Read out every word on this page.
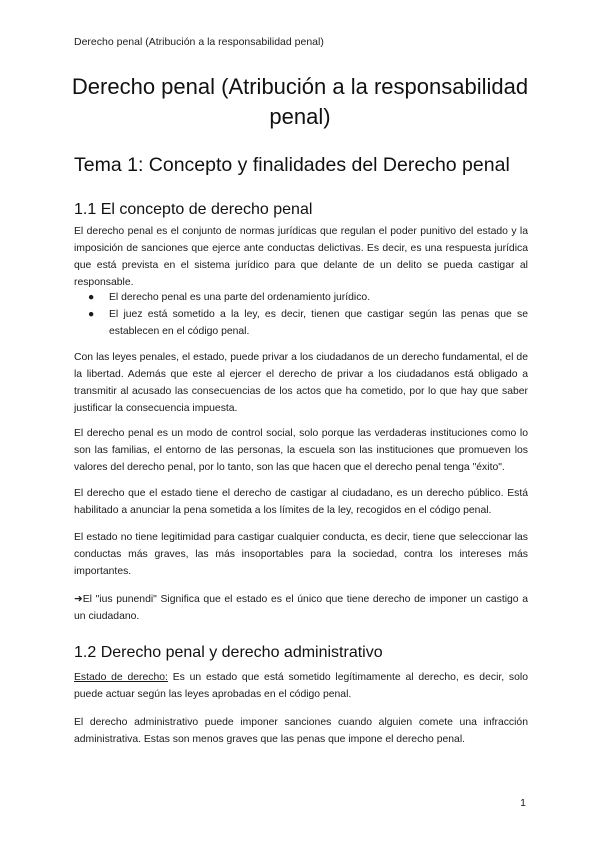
Derecho penal (Atribución a la responsabilidad penal)
Derecho penal (Atribución a la responsabilidad penal)
Tema 1: Concepto y finalidades del Derecho penal
1.1 El concepto de derecho penal

El derecho penal es el conjunto de normas jurídicas que regulan el poder punitivo del estado y la imposición de sanciones que ejerce ante conductas delictivas. Es decir, es una respuesta jurídica que está prevista en el sistema jurídico para que delante de un delito se pueda castigar al responsable.

● El derecho penal es una parte del ordenamiento jurídico.
● El juez está sometido a la ley, es decir, tienen que castigar según las penas que se establecen en el código penal.

Con las leyes penales, el estado, puede privar a los ciudadanos de un derecho fundamental, el de la libertad. Además que este al ejercer el derecho de privar a los ciudadanos está obligado a transmitir al acusado las consecuencias de los actos que ha cometido, por lo que hay que saber justificar la consecuencia impuesta.

El derecho penal es un modo de control social, solo porque las verdaderas instituciones como lo son las familias, el entorno de las personas, la escuela son las instituciones que promueven los valores del derecho penal, por lo tanto, son las que hacen que el derecho penal tenga "éxito".

El derecho que el estado tiene el derecho de castigar al ciudadano, es un derecho público. Está habilitado a anunciar la pena sometida a los límites de la ley, recogidos en el código penal.

El estado no tiene legitimidad para castigar cualquier conducta, es decir, tiene que seleccionar las conductas más graves, las más insoportables para la sociedad, contra los intereses más importantes.

➜El "ius punendi" Significa que el estado es el único que tiene derecho de imponer un castigo a un ciudadano.

1.2 Derecho penal y derecho administrativo

Estado de derecho: Es un estado que está sometido legítimamente al derecho, es decir, solo puede actuar según las leyes aprobadas en el código penal.

El derecho administrativo puede imponer sanciones cuando alguien comete una infracción administrativa. Estas son menos graves que las penas que impone el derecho penal.

1
